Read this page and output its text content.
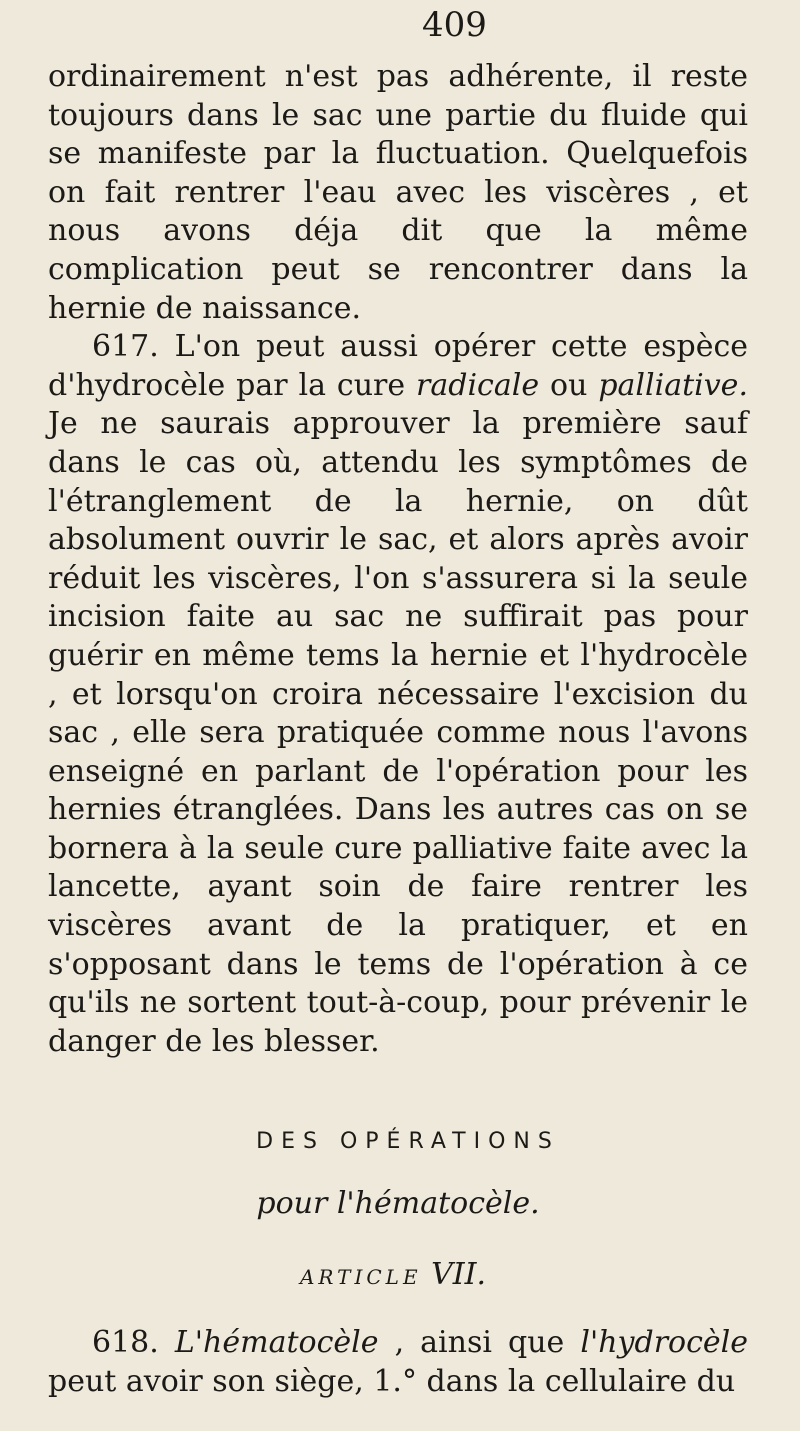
409

ordinairement n'est pas adhérente, il reste toujours dans le sac une partie du fluide qui se manifeste par la fluctuation. Quelquefois on fait rentrer l'eau avec les viscères , et nous avons déja dit que la même complication peut se rencontrer dans la hernie de naissance.

617. L'on peut aussi opérer cette espèce d'hydrocèle par la cure radicale ou palliative. Je ne saurais approuver la première sauf dans le cas où, attendu les symptômes de l'étranglement de la hernie, on dût absolument ouvrir le sac, et alors après avoir réduit les viscères, l'on s'assurera si la seule incision faite au sac ne suffirait pas pour guérir en même tems la hernie et l'hydrocèle , et lorsqu'on croira nécessaire l'excision du sac , elle sera pratiquée comme nous l'avons enseigné en parlant de l'opération pour les hernies étranglées. Dans les autres cas on se bornera à la seule cure palliative faite avec la lancette, ayant soin de faire rentrer les viscères avant de la pratiquer, et en s'opposant dans le tems de l'opération à ce qu'ils ne sortent tout-à-coup, pour prévenir le danger de les blesser.

DES OPÉRATIONS
pour l'hématocèle.
ARTICLE VII.

618. L'hématocèle , ainsi que l'hydrocèle peut avoir son siège, 1.° dans la cellulaire du
